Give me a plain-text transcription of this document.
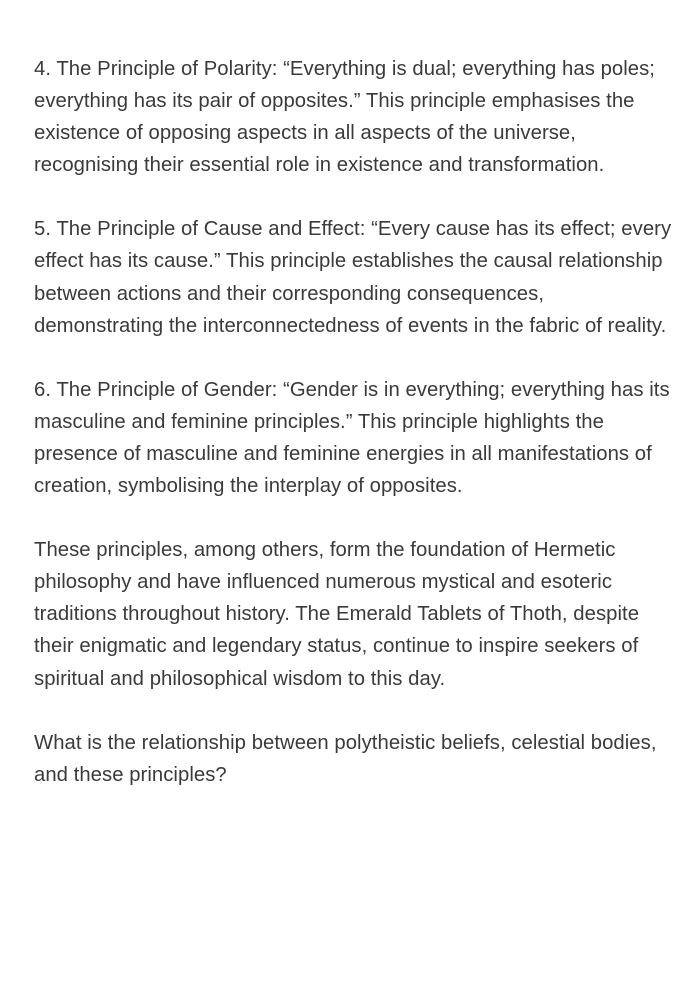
4. The Principle of Polarity: “Everything is dual; everything has poles; everything has its pair of opposites.” This principle emphasises the existence of opposing aspects in all aspects of the universe, recognising their essential role in existence and transformation.

5. The Principle of Cause and Effect: “Every cause has its effect; every effect has its cause.” This principle establishes the causal relationship between actions and their corresponding consequences, demonstrating the interconnectedness of events in the fabric of reality.

6. The Principle of Gender: “Gender is in everything; everything has its masculine and feminine principles.” This principle highlights the presence of masculine and feminine energies in all manifestations of creation, symbolising the interplay of opposites.

These principles, among others, form the foundation of Hermetic philosophy and have influenced numerous mystical and esoteric traditions throughout history. The Emerald Tablets of Thoth, despite their enigmatic and legendary status, continue to inspire seekers of spiritual and philosophical wisdom to this day.

What is the relationship between polytheistic beliefs, celestial bodies, and these principles?
